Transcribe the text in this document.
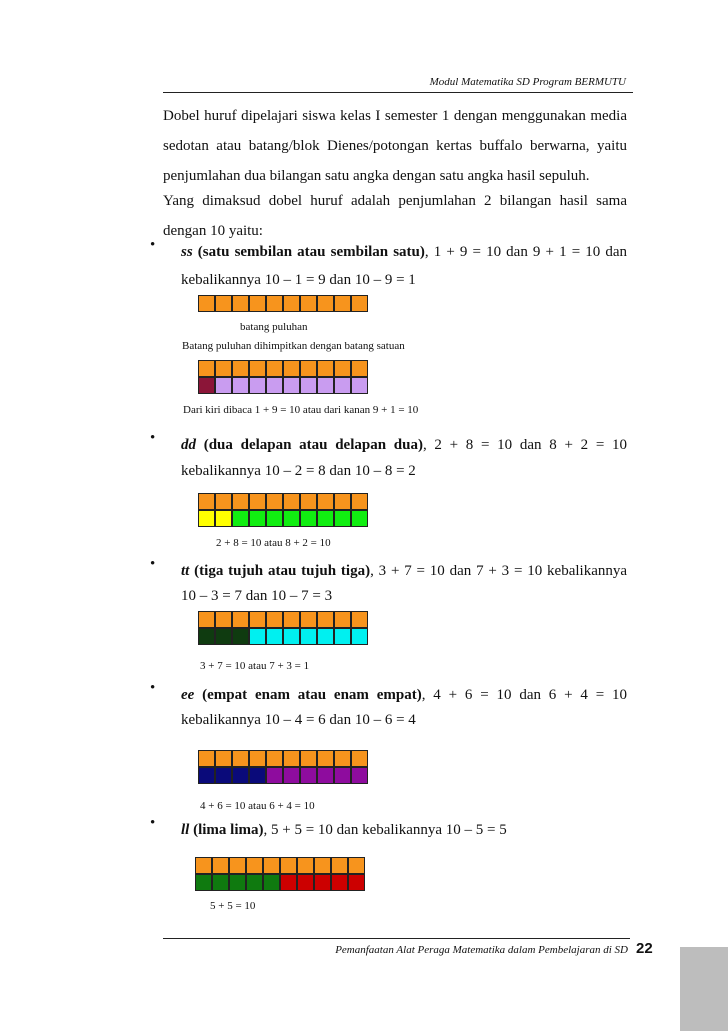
Modul Matematika SD Program BERMUTU
Dobel huruf dipelajari siswa kelas I semester 1 dengan menggunakan media sedotan atau batang/blok Dienes/potongan kertas buffalo berwarna, yaitu penjumlahan dua bilangan satu angka dengan satu angka hasil sepuluh.
Yang dimaksud dobel huruf adalah penjumlahan 2 bilangan hasil sama dengan 10 yaitu:
• ss (satu sembilan atau sembilan satu), 1 + 9 = 10 dan 9 + 1 = 10 dan
kebalikannya 10 – 1 = 9 dan 10 – 9 = 1
batang puluhan
Batang puluhan dihimpitkan dengan batang satuan
Dari kiri dibaca 1 + 9 = 10 atau dari kanan 9 + 1 = 10
• dd (dua delapan atau delapan dua), 2 + 8 = 10 dan 8 + 2 = 10
kebalikannya 10 – 2 = 8 dan 10 – 8 = 2
2 + 8 = 10 atau 8 + 2 = 10
• tt (tiga tujuh atau tujuh tiga), 3 + 7 = 10 dan 7 + 3 = 10 kebalikannya
10 – 3 = 7 dan 10 – 7 = 3
3 + 7 = 10 atau 7 + 3 = 1
• ee (empat enam atau enam empat), 4 + 6 = 10 dan 6 + 4 = 10
kebalikannya 10 – 4 = 6 dan 10 – 6 = 4
4 + 6 = 10 atau 6 + 4 = 10
• ll (lima lima), 5 + 5 = 10 dan kebalikannya 10 – 5 = 5
5 + 5 = 10
Pemanfaatan Alat Peraga Matematika dalam Pembelajaran di SD 22
